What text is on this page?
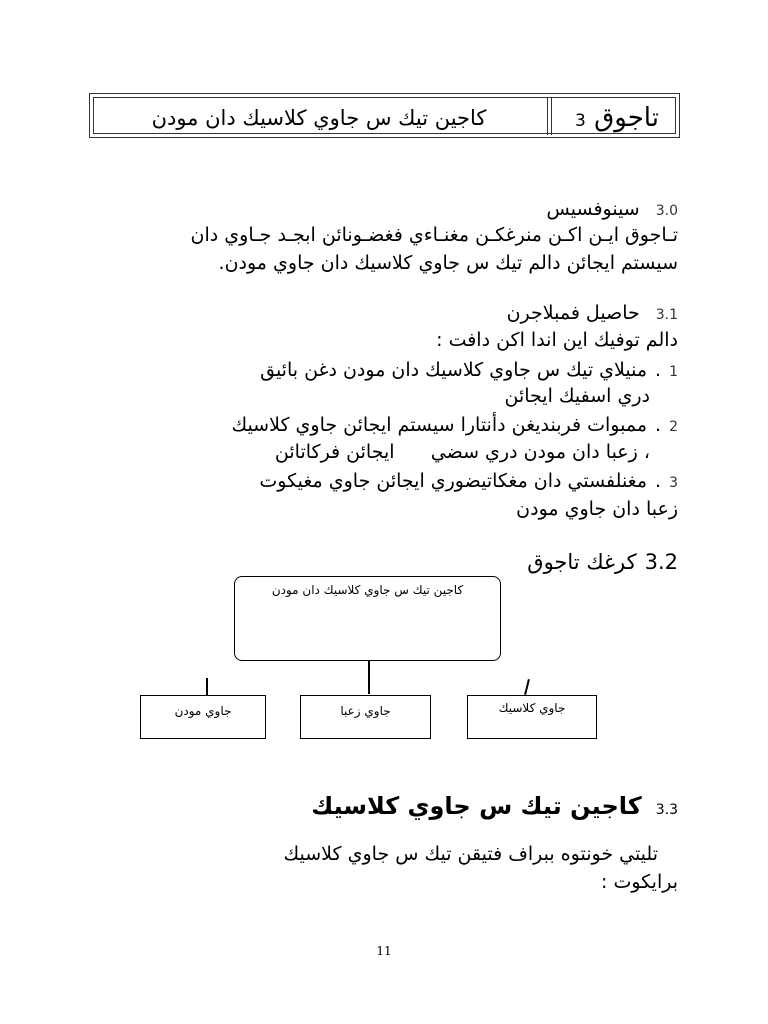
تاجوق 3
كاجين تيك س جاوي كلاسيك دان مودن
3.0سينوفسيس
تـاجوق ايـن اكـن منرغكـن مغنـاءي فغضـونائن ابجـد جـاوي دان
سيستم ايجائن دالم تيك س جاوي كلاسيك دان جاوي مودن.
3.1حاصيل فمبلاجرن
دالم توفيك اين اندا اكن دافت :
1.منيلاي تيك س جاوي كلاسيك دان مودن دغن بائيق
دري اسفيك ايجائن
2.ممبوات فربنديغن دأنتارا سيستم ايجائن جاوي كلاسيك
، زعبا دان مودن دري سضي      ايجائن فركاتائن
3.مغنلفستي دان مغكاتيضوري ايجائن جاوي مغيكوت
زعبا دان جاوي مودن
3.2كرغك تاجوق
كاجين تيك س جاوي كلاسيك دان مودن
جاوي مودن	جاوي زعبا	جاوي كلاسيك
3.3كاجين تيك س جاوي كلاسيك
تليتي خونتوه ببراف فتيقن تيك س جاوي كلاسيك
برايكوت :
11
